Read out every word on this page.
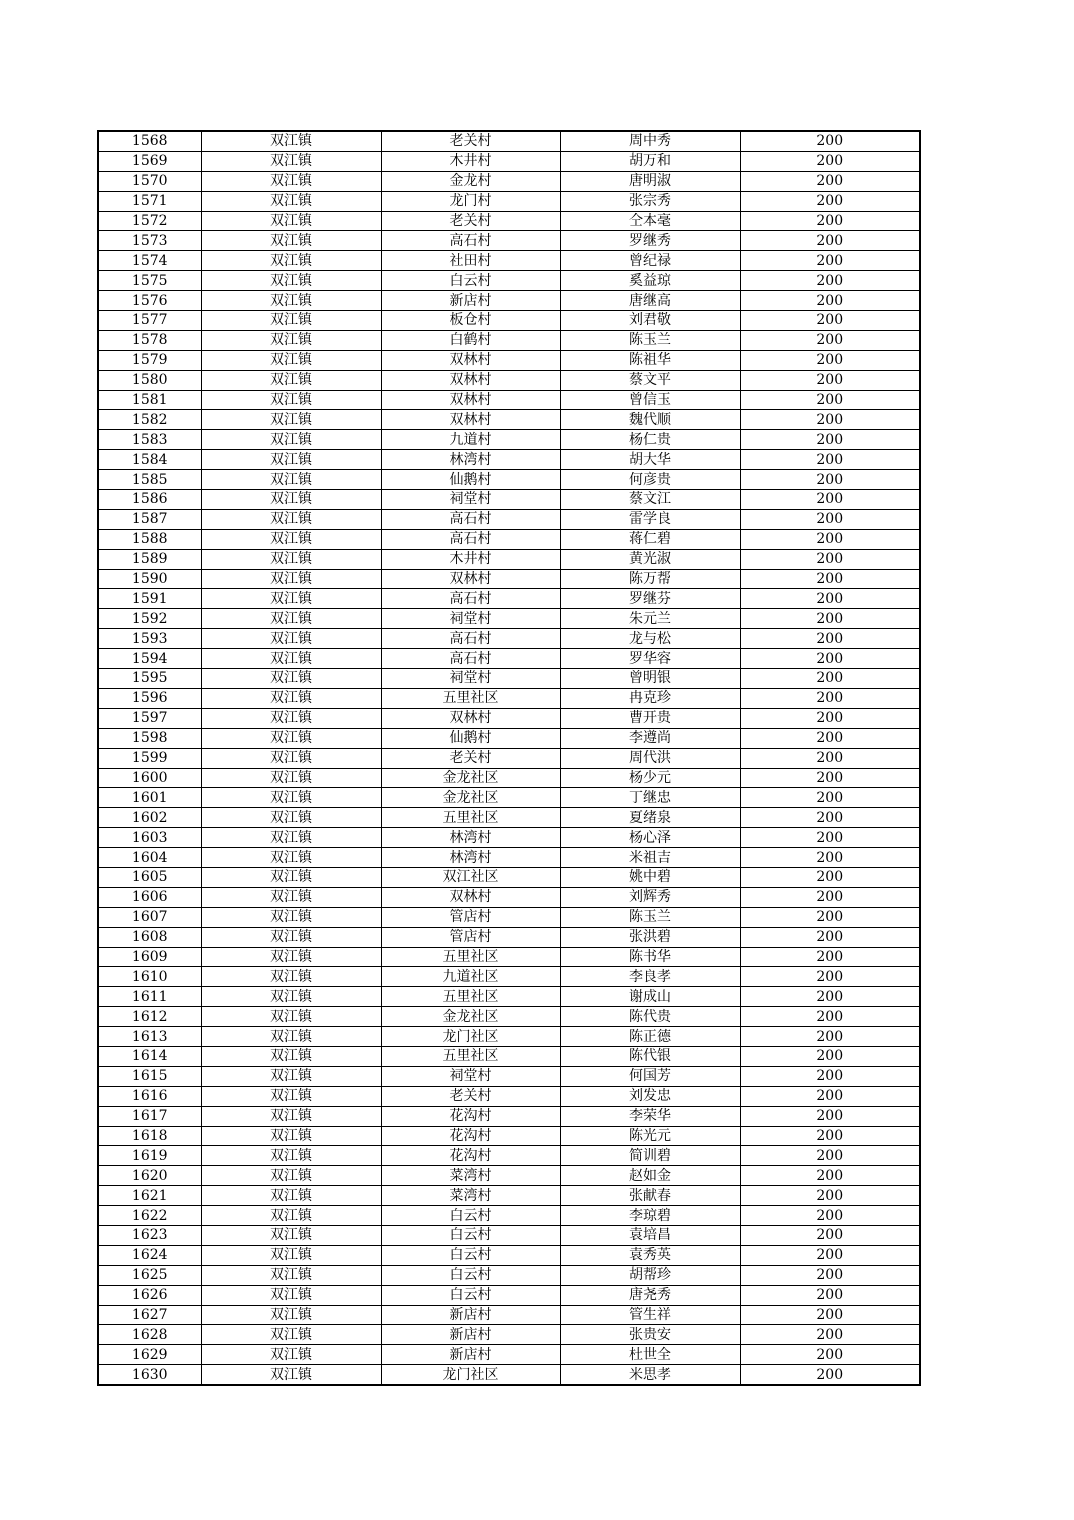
1568	双江镇	老关村	周中秀	200
1569	双江镇	木井村	胡万和	200
1570	双江镇	金龙村	唐明淑	200
1571	双江镇	龙门村	张宗秀	200
1572	双江镇	老关村	仝本毫	200
1573	双江镇	高石村	罗继秀	200
1574	双江镇	社田村	曾纪禄	200
1575	双江镇	白云村	奚益琼	200
1576	双江镇	新店村	唐继高	200
1577	双江镇	板仓村	刘君敬	200
1578	双江镇	白鹤村	陈玉兰	200
1579	双江镇	双林村	陈祖华	200
1580	双江镇	双林村	蔡文平	200
1581	双江镇	双林村	曾信玉	200
1582	双江镇	双林村	魏代顺	200
1583	双江镇	九道村	杨仁贵	200
1584	双江镇	林湾村	胡大华	200
1585	双江镇	仙鹅村	何彦贵	200
1586	双江镇	祠堂村	蔡文江	200
1587	双江镇	高石村	雷学良	200
1588	双江镇	高石村	蒋仁碧	200
1589	双江镇	木井村	黄光淑	200
1590	双江镇	双林村	陈万帮	200
1591	双江镇	高石村	罗继芬	200
1592	双江镇	祠堂村	朱元兰	200
1593	双江镇	高石村	龙与松	200
1594	双江镇	高石村	罗华容	200
1595	双江镇	祠堂村	曾明银	200
1596	双江镇	五里社区	冉克珍	200
1597	双江镇	双林村	曹开贵	200
1598	双江镇	仙鹅村	李遵尚	200
1599	双江镇	老关村	周代洪	200
1600	双江镇	金龙社区	杨少元	200
1601	双江镇	金龙社区	丁继忠	200
1602	双江镇	五里社区	夏绪泉	200
1603	双江镇	林湾村	杨心泽	200
1604	双江镇	林湾村	米祖吉	200
1605	双江镇	双江社区	姚中碧	200
1606	双江镇	双林村	刘辉秀	200
1607	双江镇	管店村	陈玉兰	200
1608	双江镇	管店村	张洪碧	200
1609	双江镇	五里社区	陈书华	200
1610	双江镇	九道社区	李良孝	200
1611	双江镇	五里社区	谢成山	200
1612	双江镇	金龙社区	陈代贵	200
1613	双江镇	龙门社区	陈正德	200
1614	双江镇	五里社区	陈代银	200
1615	双江镇	祠堂村	何国芳	200
1616	双江镇	老关村	刘发忠	200
1617	双江镇	花沟村	李荣华	200
1618	双江镇	花沟村	陈光元	200
1619	双江镇	花沟村	简训碧	200
1620	双江镇	菜湾村	赵如金	200
1621	双江镇	菜湾村	张献春	200
1622	双江镇	白云村	李琼碧	200
1623	双江镇	白云村	袁培昌	200
1624	双江镇	白云村	袁秀英	200
1625	双江镇	白云村	胡帮珍	200
1626	双江镇	白云村	唐尧秀	200
1627	双江镇	新店村	管生祥	200
1628	双江镇	新店村	张贵安	200
1629	双江镇	新店村	杜世全	200
1630	双江镇	龙门社区	米思孝	200
